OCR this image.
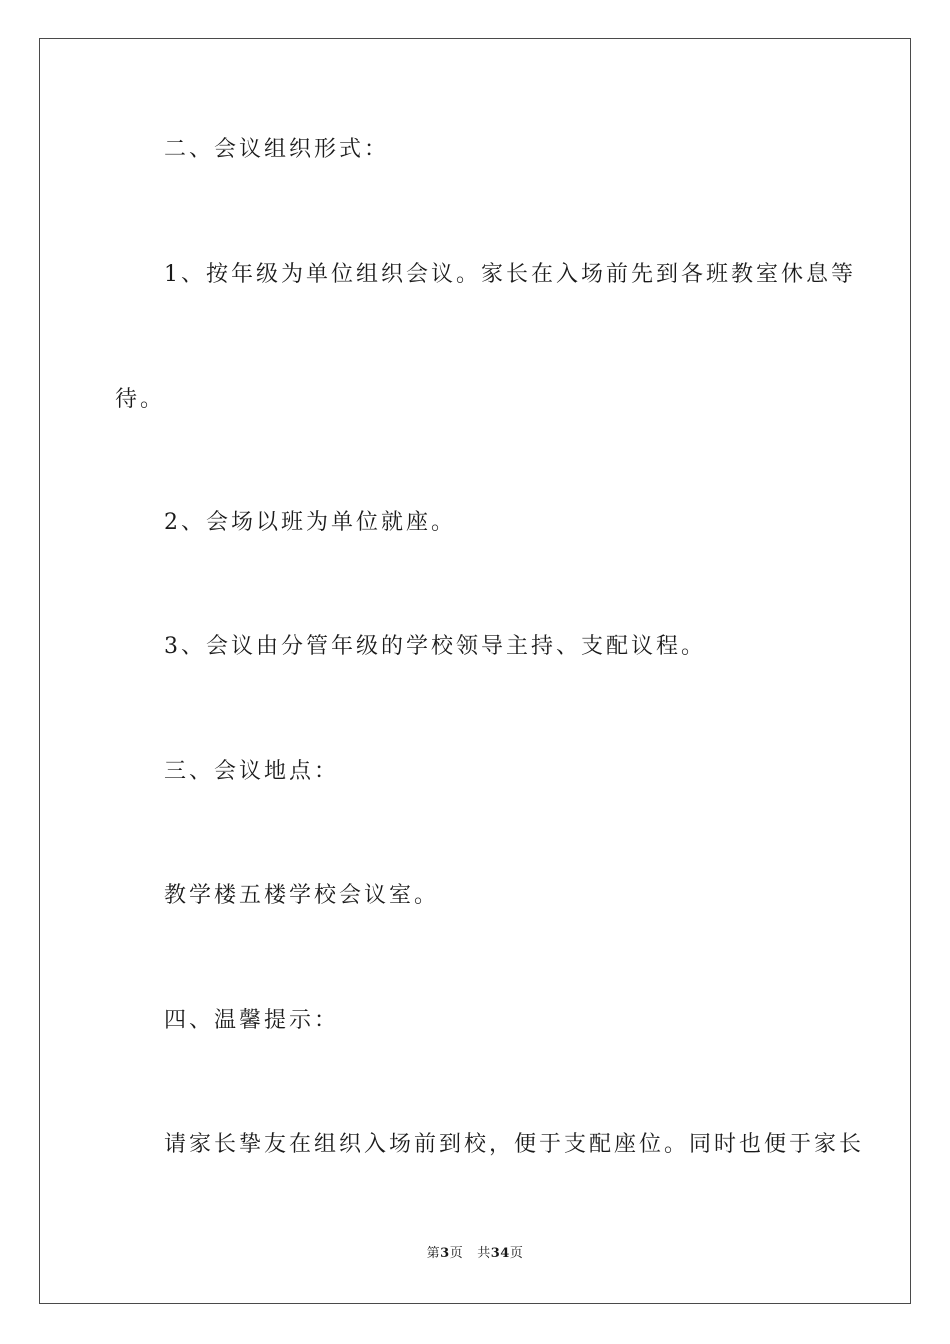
二、会议组织形式：
1、按年级为单位组织会议。家长在入场前先到各班教室休息等
待。
2、会场以班为单位就座。
3、会议由分管年级的学校领导主持、支配议程。
三、会议地点：
教学楼五楼学校会议室。
四、温馨提示：
请家长挚友在组织入场前到校，便于支配座位。同时也便于家长
第3页 共34页
